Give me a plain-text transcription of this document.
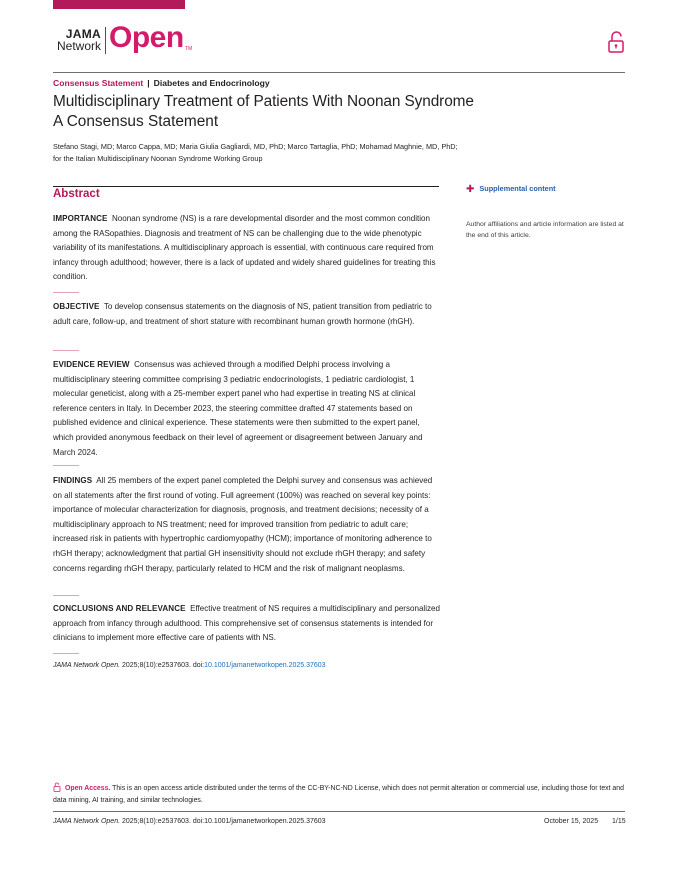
JAMA
Network Open TM
Consensus Statement | Diabetes and Endocrinology
Multidisciplinary Treatment of Patients With Noonan Syndrome
A Consensus Statement
Stefano Stagi, MD; Marco Cappa, MD; Maria Giulia Gagliardi, MD, PhD; Marco Tartaglia, PhD; Mohamad Maghnie, MD, PhD;
for the Italian Multidisciplinary Noonan Syndrome Working Group
Abstract
IMPORTANCE Noonan syndrome (NS) is a rare developmental disorder and the most common condition among the RASopathies. Diagnosis and treatment of NS can be challenging due to the wide phenotypic variability of its manifestations. A multidisciplinary approach is essential, with continuous care required from infancy through adulthood; however, there is a lack of updated and widely shared guidelines for treating this condition.
OBJECTIVE To develop consensus statements on the diagnosis of NS, patient transition from pediatric to adult care, follow-up, and treatment of short stature with recombinant human growth hormone (rhGH).
EVIDENCE REVIEW Consensus was achieved through a modified Delphi process involving a multidisciplinary steering committee comprising 3 pediatric endocrinologists, 1 pediatric cardiologist, 1 molecular geneticist, along with a 25-member expert panel who had expertise in treating NS at clinical reference centers in Italy. In December 2023, the steering committee drafted 47 statements based on published evidence and clinical experience. These statements were then submitted to the expert panel, which provided anonymous feedback on their level of agreement or disagreement between January and March 2024.
FINDINGS All 25 members of the expert panel completed the Delphi survey and consensus was achieved on all statements after the first round of voting. Full agreement (100%) was reached on several key points: importance of molecular characterization for diagnosis, prognosis, and treatment decisions; necessity of a multidisciplinary approach to NS treatment; need for improved transition from pediatric to adult care; increased risk in patients with hypertrophic cardiomyopathy (HCM); importance of monitoring adherence to rhGH therapy; acknowledgment that partial GH insensitivity should not exclude rhGH therapy; and safety concerns regarding rhGH therapy, particularly related to HCM and the risk of malignant neoplasms.
CONCLUSIONS AND RELEVANCE Effective treatment of NS requires a multidisciplinary and personalized approach from infancy through adulthood. This comprehensive set of consensus statements is intended for clinicians to implement more effective care of patients with NS.
JAMA Network Open. 2025;8(10):e2537603. doi:10.1001/jamanetworkopen.2025.37603
✚ Supplemental content
Author affiliations and article information are listed at the end of this article.
Open Access. This is an open access article distributed under the terms of the CC-BY-NC-ND License, which does not permit alteration or commercial use, including those for text and data mining, AI training, and similar technologies.
JAMA Network Open. 2025;8(10):e2537603. doi:10.1001/jamanetworkopen.2025.37603	October 15, 2025 1/15
